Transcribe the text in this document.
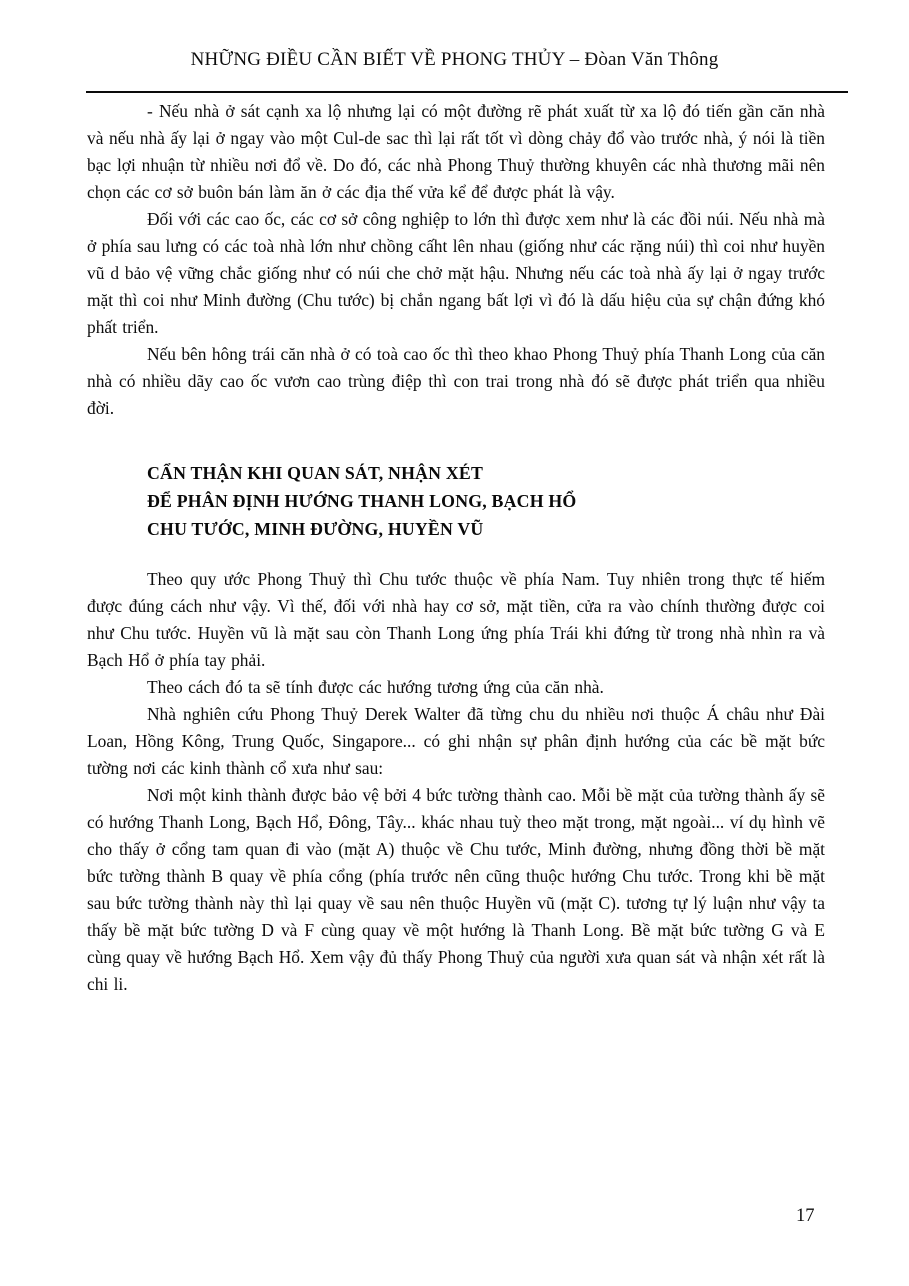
NHỮNG ĐIỀU CẦN BIẾT VỀ PHONG THỦY – Đòan Văn Thông

- Nếu nhà ở sát cạnh xa lộ nhưng lại có một đường rẽ phát xuất từ xa lộ đó tiến gần căn nhà và nếu nhà ấy lại ở ngay vào một Cul-de sac thì lại rất tốt vì dòng chảy đổ vào trước nhà, ý nói là tiền bạc lợi nhuận từ nhiều nơi đổ về. Do đó, các nhà Phong Thuỷ thường khuyên các nhà thương mãi nên chọn các cơ sở buôn bán làm ăn ở các địa thế vửa kể để được phát là vậy.

Đối với các cao ốc, các cơ sở công nghiệp to lớn thì được xem như là các đồi núi. Nếu nhà mà ở phía sau lưng có các toà nhà lớn như chồng cấht lên nhau (giống như các rặng núi) thì coi như huyền vũ d bảo vệ vững chắc giống như có núi che chở mặt hậu. Nhưng nếu các toà nhà ấy lại ở ngay trước mặt thì coi như Minh đường (Chu tước) bị chắn ngang bất lợi vì đó là dấu hiệu của sự chận đứng khó phất triển.

Nếu bên hông trái căn nhà ở có toà cao ốc thì theo khao Phong Thuỷ phía Thanh Long của căn nhà có nhiều dãy cao ốc vươn cao trùng điệp thì con trai trong nhà đó sẽ được phát triển qua nhiều đời.

CẨN THẬN KHI QUAN SÁT, NHẬN XÉT
ĐỂ PHÂN ĐỊNH HƯỚNG THANH LONG, BẠCH HỔ
CHU TƯỚC, MINH ĐƯỜNG, HUYỀN VŨ

Theo quy ước Phong Thuỷ thì Chu tước thuộc về phía Nam. Tuy nhiên trong thực tế hiếm được đúng cách như vậy. Vì thế, đối với nhà hay cơ sở, mặt tiền, cửa ra vào chính thường được coi như Chu tước. Huyền vũ là mặt sau còn Thanh Long ứng phía Trái khi đứng từ trong nhà nhìn ra và Bạch Hổ ở phía tay phải.

Theo cách đó ta sẽ tính được các hướng tương ứng của căn nhà.

Nhà nghiên cứu Phong Thuỷ Derek Walter đã từng chu du nhiều nơi thuộc Á châu như Đài Loan, Hồng Kông, Trung Quốc, Singapore... có ghi nhận sự phân định hướng của các bề mặt bức tường nơi các kinh thành cổ xưa như sau:

Nơi một kinh thành được bảo vệ bởi 4 bức tường thành cao. Mỗi bề mặt của tường thành ấy sẽ có hướng Thanh Long, Bạch Hổ, Đông, Tây... khác nhau tuỳ theo mặt trong, mặt ngoài... ví dụ hình vẽ cho thấy ở cổng tam quan đi vào (mặt A) thuộc về Chu tước, Minh đường, nhưng đồng thời bề mặt bức tường thành B quay về phía cổng (phía trước nên cũng thuộc hướng Chu tước. Trong khi bề mặt sau bức tường thành này thì lại quay về sau nên thuộc Huyền vũ (mặt C). tương tự lý luận như vậy ta thấy bề mặt bức tường D và F cùng quay về một hướng là Thanh Long. Bề mặt bức tường G và E cùng quay về hướng Bạch Hổ. Xem vậy đủ thấy Phong Thuỷ của người xưa quan sát và nhận xét rất là chi li.

17
